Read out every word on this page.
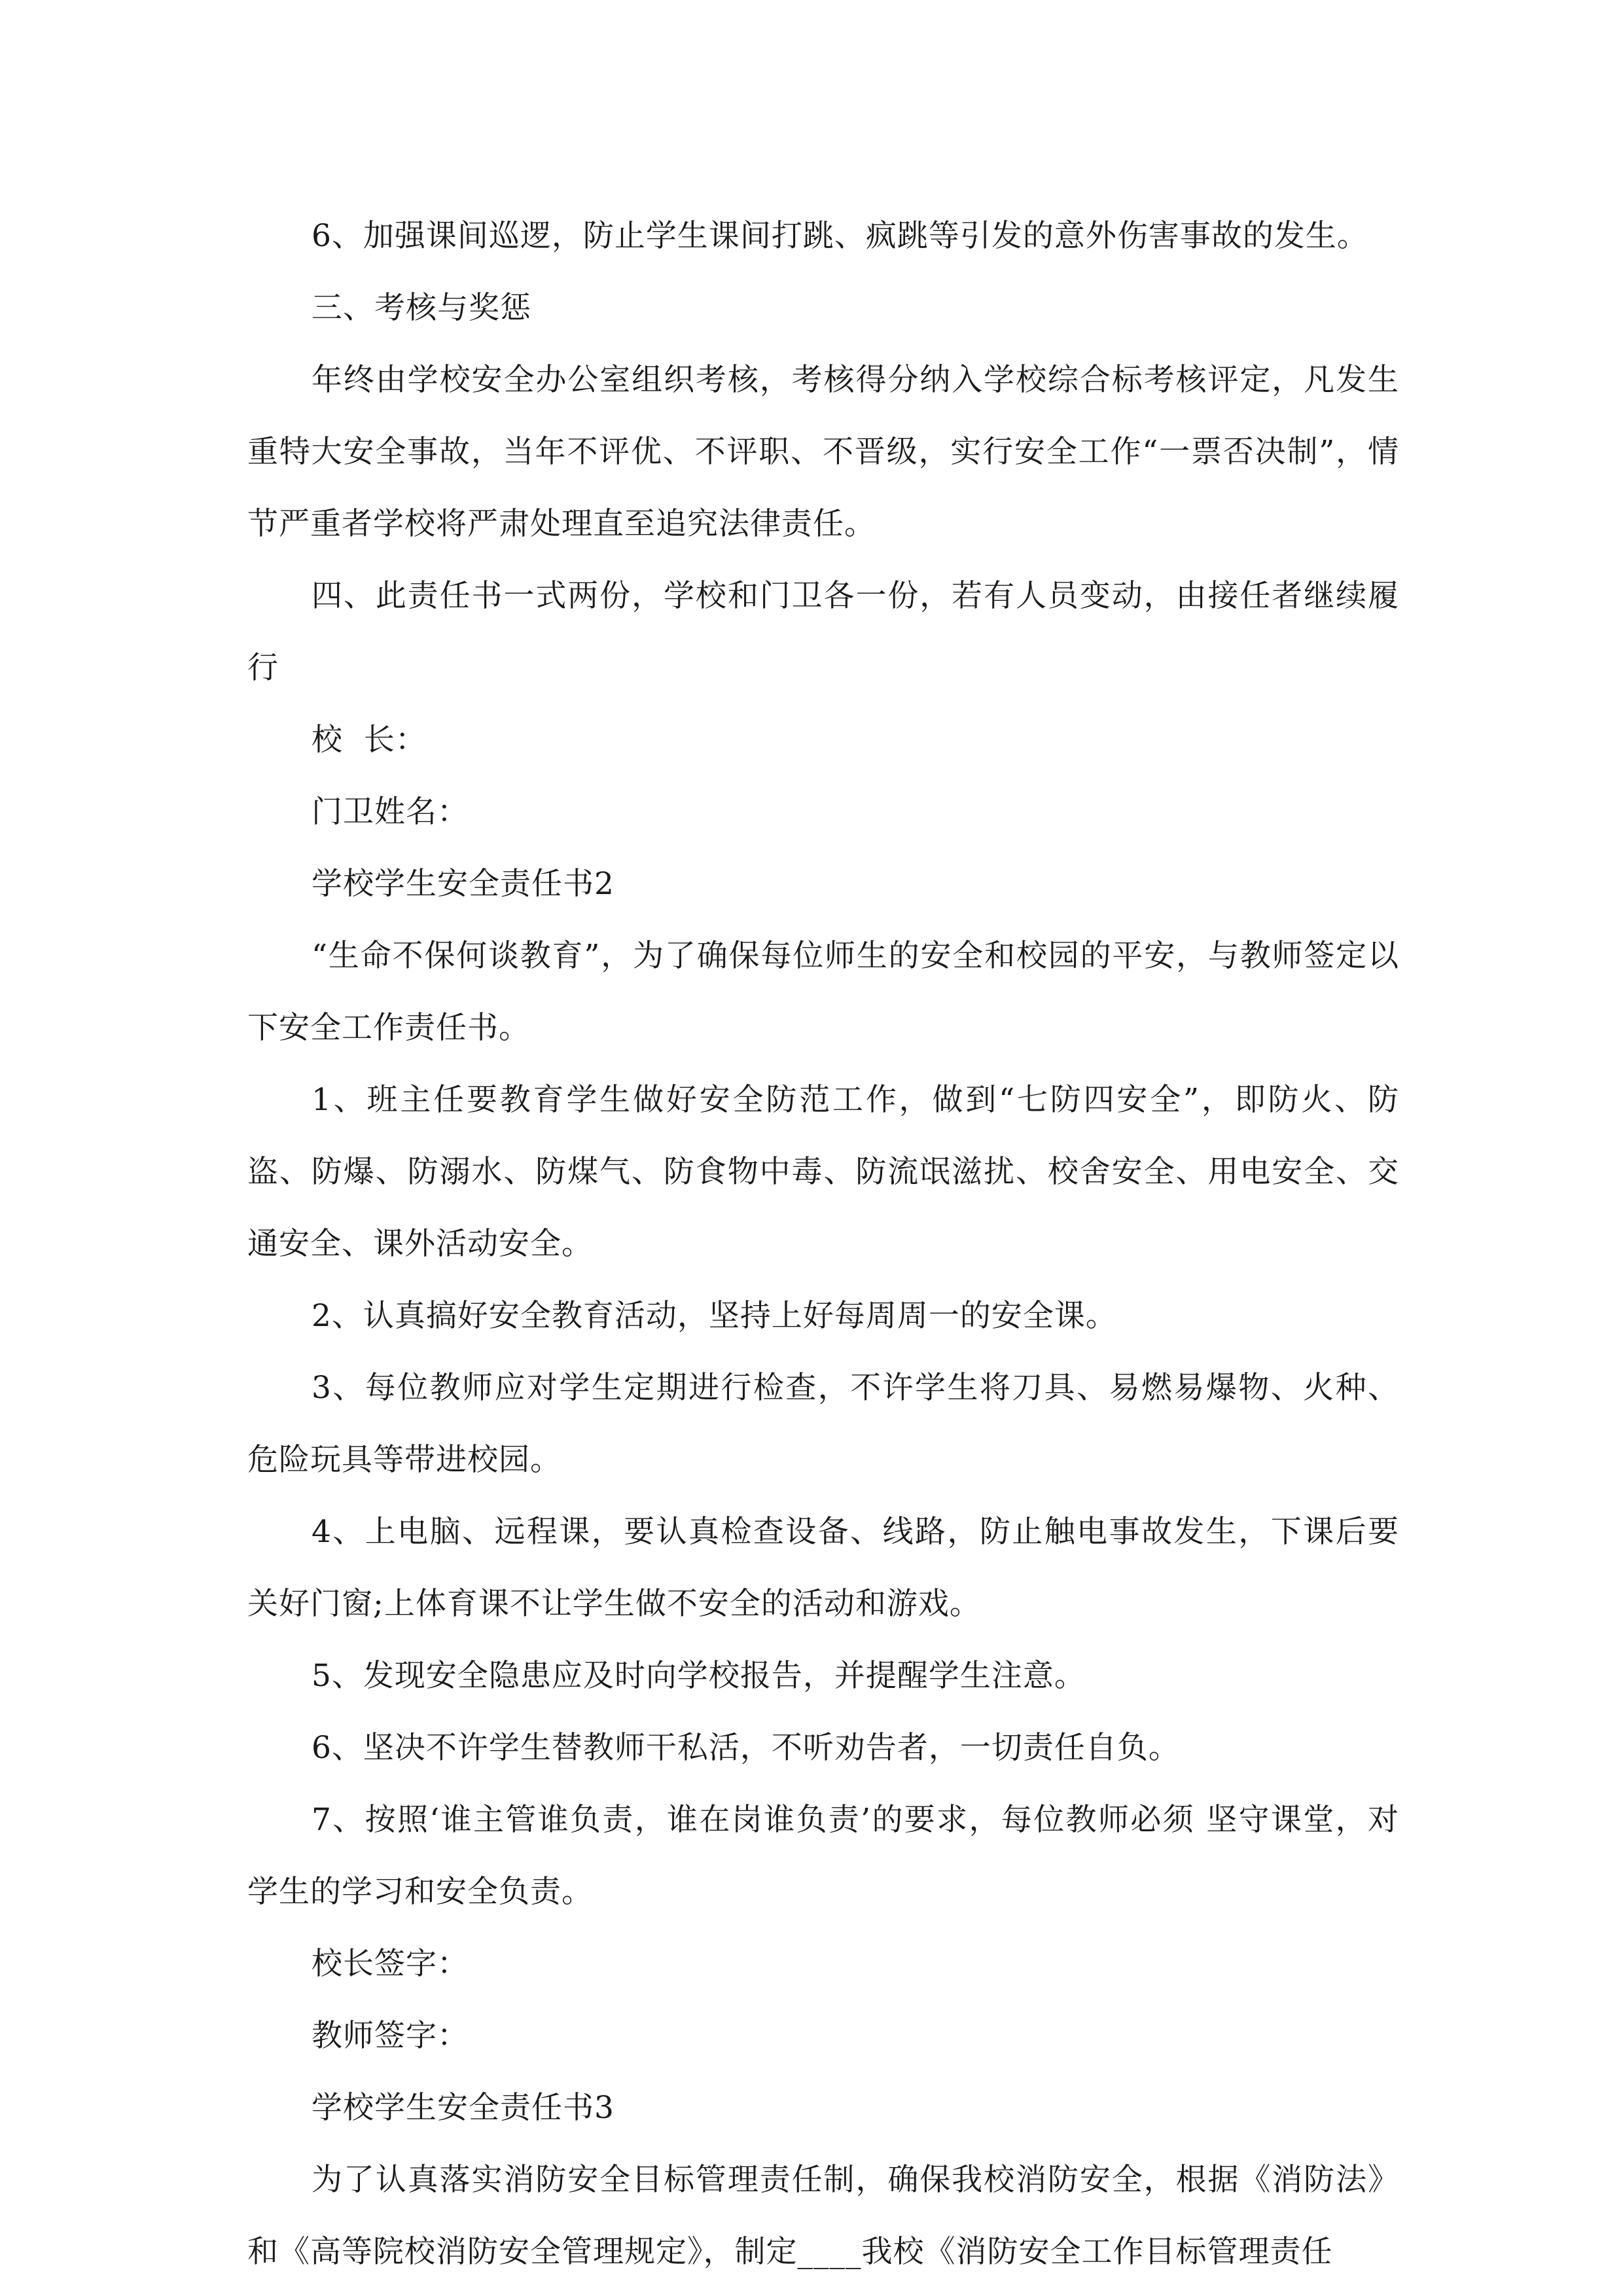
6、加强课间巡逻，防止学生课间打跳、疯跳等引发的意外伤害事故的发生。

三、考核与奖惩

年终由学校安全办公室组织考核，考核得分纳入学校综合标考核评定，凡发生重特大安全事故，当年不评优、不评职、不晋级，实行安全工作“一票否决制”，情节严重者学校将严肃处理直至追究法律责任。

四、此责任书一式两份，学校和门卫各一份，若有人员变动，由接任者继续履行

校  长：

门卫姓名：

学校学生安全责任书2

“生命不保何谈教育”，为了确保每位师生的安全和校园的平安，与教师签定以下安全工作责任书。

1、班主任要教育学生做好安全防范工作，做到“七防四安全”，即防火、防盗、防爆、防溺水、防煤气、防食物中毒、防流氓滋扰、校舍安全、用电安全、交通安全、课外活动安全。

2、认真搞好安全教育活动，坚持上好每周周一的安全课。

3、每位教师应对学生定期进行检查，不许学生将刀具、易燃易爆物、火种、危险玩具等带进校园。

4、上电脑、远程课，要认真检查设备、线路，防止触电事故发生，下课后要关好门窗;上体育课不让学生做不安全的活动和游戏。

5、发现安全隐患应及时向学校报告，并提醒学生注意。

6、坚决不许学生替教师干私活，不听劝告者，一切责任自负。

7、按照‘谁主管谁负责，谁在岗谁负责’的要求，每位教师必须 坚守课堂，对学生的学习和安全负责。

校长签字：

教师签字：

学校学生安全责任书3

为了认真落实消防安全目标管理责任制，确保我校消防安全，根据《消防法》和《高等院校消防安全管理规定》，制定____我校《消防安全工作目标管理责任
